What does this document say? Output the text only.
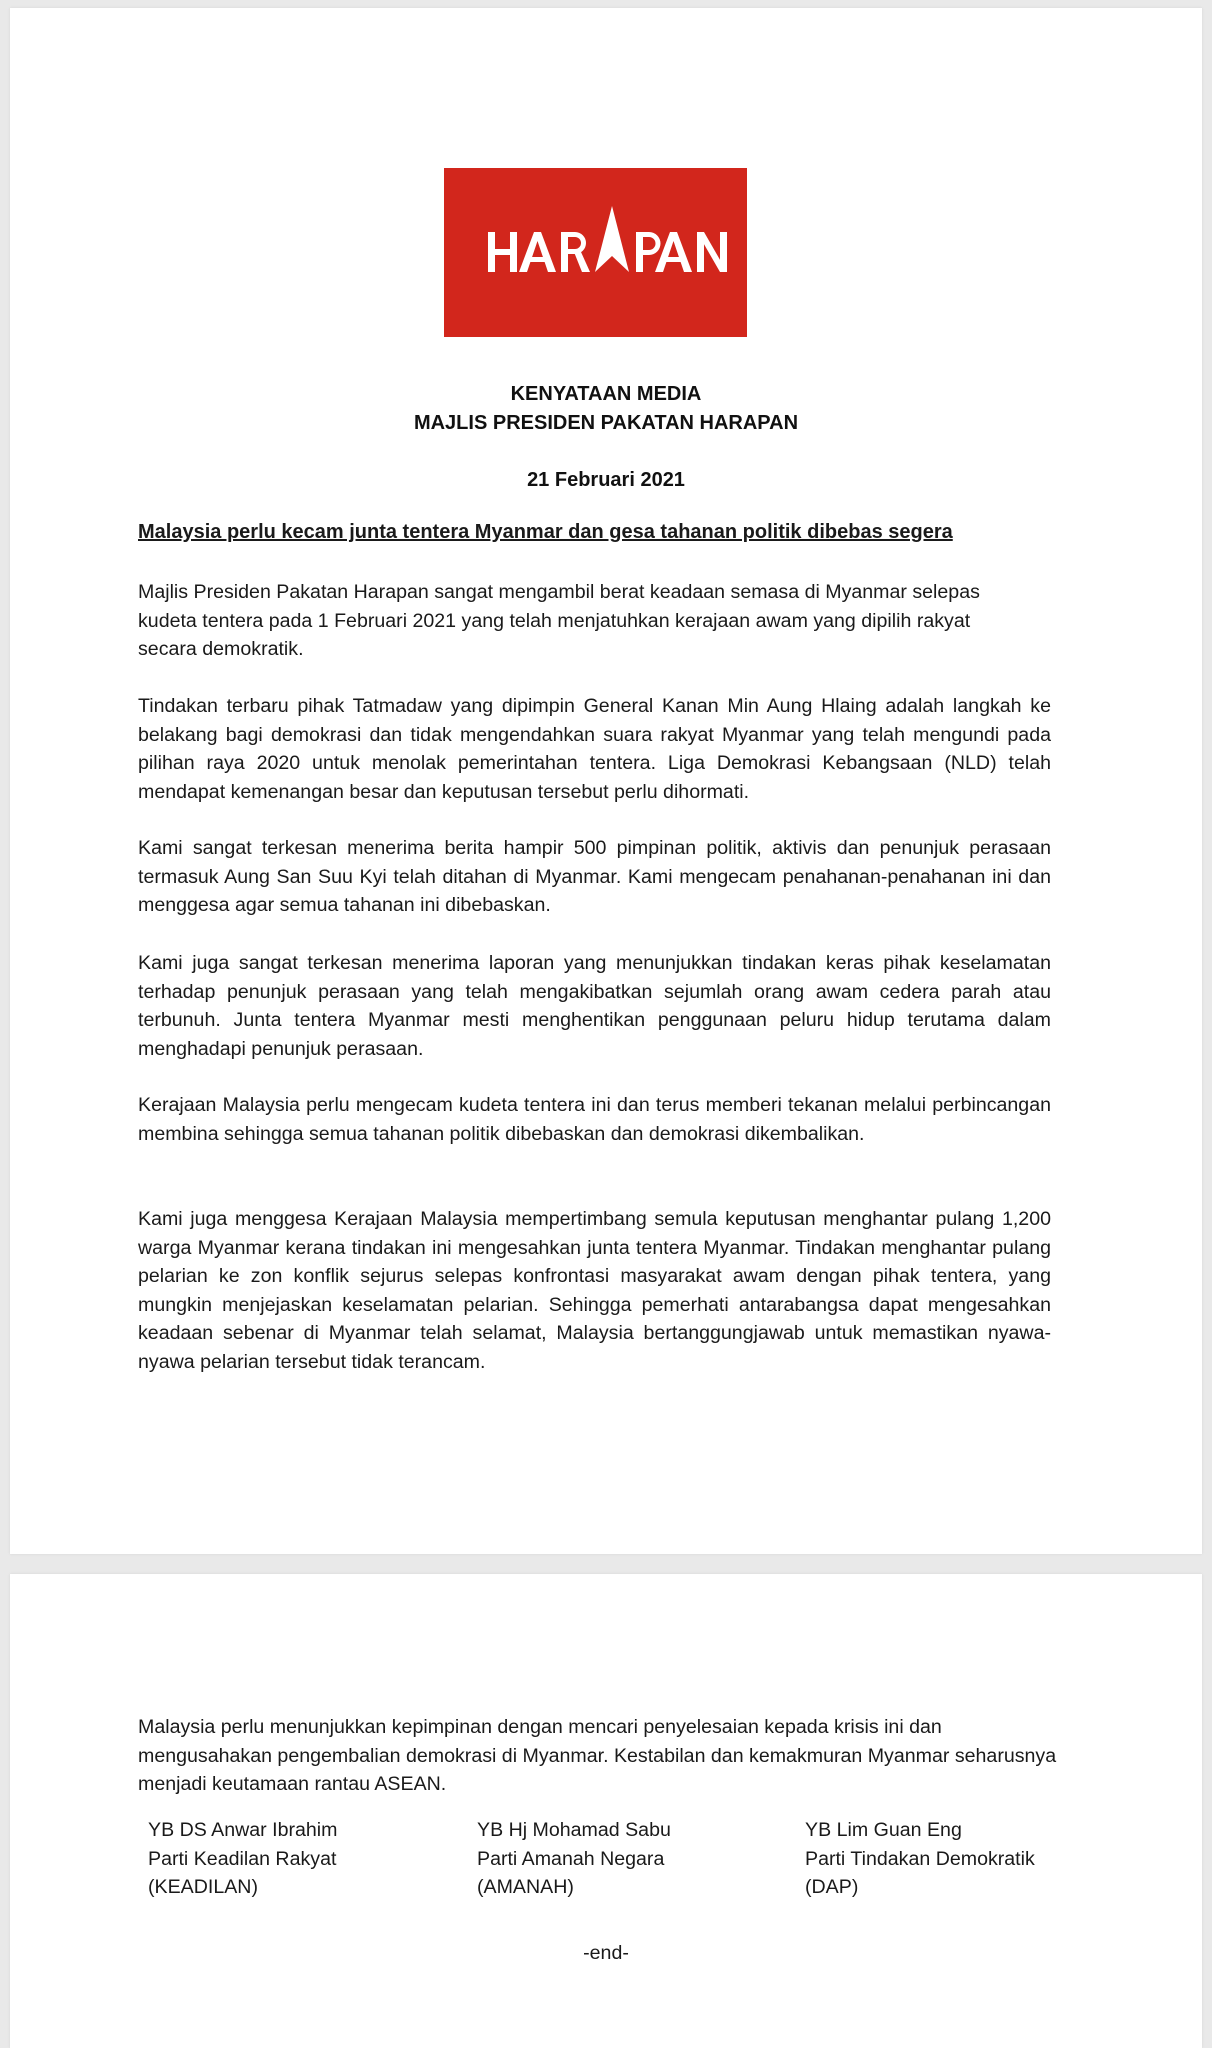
KENYATAAN MEDIA
MAJLIS PRESIDEN PAKATAN HARAPAN
21 Februari 2021

Malaysia perlu kecam junta tentera Myanmar dan gesa tahanan politik dibebas segera

Majlis Presiden Pakatan Harapan sangat mengambil berat keadaan semasa di Myanmar selepas kudeta tentera pada 1 Februari 2021 yang telah menjatuhkan kerajaan awam yang dipilih rakyat secara demokratik.

Tindakan terbaru pihak Tatmadaw yang dipimpin General Kanan Min Aung Hlaing adalah langkah ke belakang bagi demokrasi dan tidak mengendahkan suara rakyat Myanmar yang telah mengundi pada pilihan raya 2020 untuk menolak pemerintahan tentera. Liga Demokrasi Kebangsaan (NLD) telah mendapat kemenangan besar dan keputusan tersebut perlu dihormati.

Kami sangat terkesan menerima berita hampir 500 pimpinan politik, aktivis dan penunjuk perasaan termasuk Aung San Suu Kyi telah ditahan di Myanmar. Kami mengecam penahanan-penahanan ini dan menggesa agar semua tahanan ini dibebaskan.

Kami juga sangat terkesan menerima laporan yang menunjukkan tindakan keras pihak keselamatan terhadap penunjuk perasaan yang telah mengakibatkan sejumlah orang awam cedera parah atau terbunuh. Junta tentera Myanmar mesti menghentikan penggunaan peluru hidup terutama dalam menghadapi penunjuk perasaan.

Kerajaan Malaysia perlu mengecam kudeta tentera ini dan terus memberi tekanan melalui perbincangan membina sehingga semua tahanan politik dibebaskan dan demokrasi dikembalikan.

Kami juga menggesa Kerajaan Malaysia mempertimbang semula keputusan menghantar pulang 1,200 warga Myanmar kerana tindakan ini mengesahkan junta tentera Myanmar. Tindakan menghantar pulang pelarian ke zon konflik sejurus selepas konfrontasi masyarakat awam dengan pihak tentera, yang mungkin menjejaskan keselamatan pelarian. Sehingga pemerhati antarabangsa dapat mengesahkan keadaan sebenar di Myanmar telah selamat, Malaysia bertanggungjawab untuk memastikan nyawa-nyawa pelarian tersebut tidak terancam.

Malaysia perlu menunjukkan kepimpinan dengan mencari penyelesaian kepada krisis ini dan mengusahakan pengembalian demokrasi di Myanmar. Kestabilan dan kemakmuran Myanmar seharusnya menjadi keutamaan rantau ASEAN.

YB DS Anwar Ibrahim
Parti Keadilan Rakyat
(KEADILAN)
YB Hj Mohamad Sabu
Parti Amanah Negara
(AMANAH)
YB Lim Guan Eng
Parti Tindakan Demokratik
(DAP)
-end-
